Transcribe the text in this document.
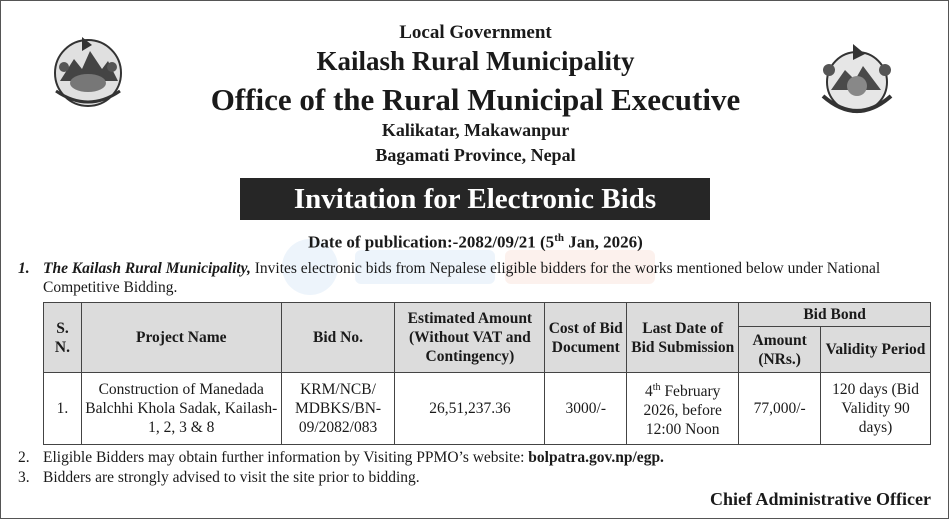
Local Government
Kailash Rural Municipality
Office of the Rural Municipal Executive
Kalikatar, Makawanpur
Bagamati Province, Nepal
Invitation for Electronic Bids
Date of publication:-2082/09/21 (5th Jan, 2026)
1. The Kailash Rural Municipality, Invites electronic bids from Nepalese eligible bidders for the works mentioned below under National Competitive Bidding.
S. N.	Project Name	Bid No.	Estimated Amount (Without VAT and Contingency)	Cost of Bid Document	Last Date of Bid Submission	Bid Bond	
						Amount (NRs.)	Validity Period
1.	Construction of Manedada Balchhi Khola Sadak, Kailash-1, 2, 3 & 8	KRM/NCB/ MDBKS/BN- 09/2082/083	26,51,237.36	3000/-	4th February 2026, before 12:00 Noon	77,000/-	120 days (Bid Validity 90 days)
2. Eligible Bidders may obtain further information by Visiting PPMO’s website: bolpatra.gov.np/egp.
3. Bidders are strongly advised to visit the site prior to bidding.
Chief Administrative Officer
